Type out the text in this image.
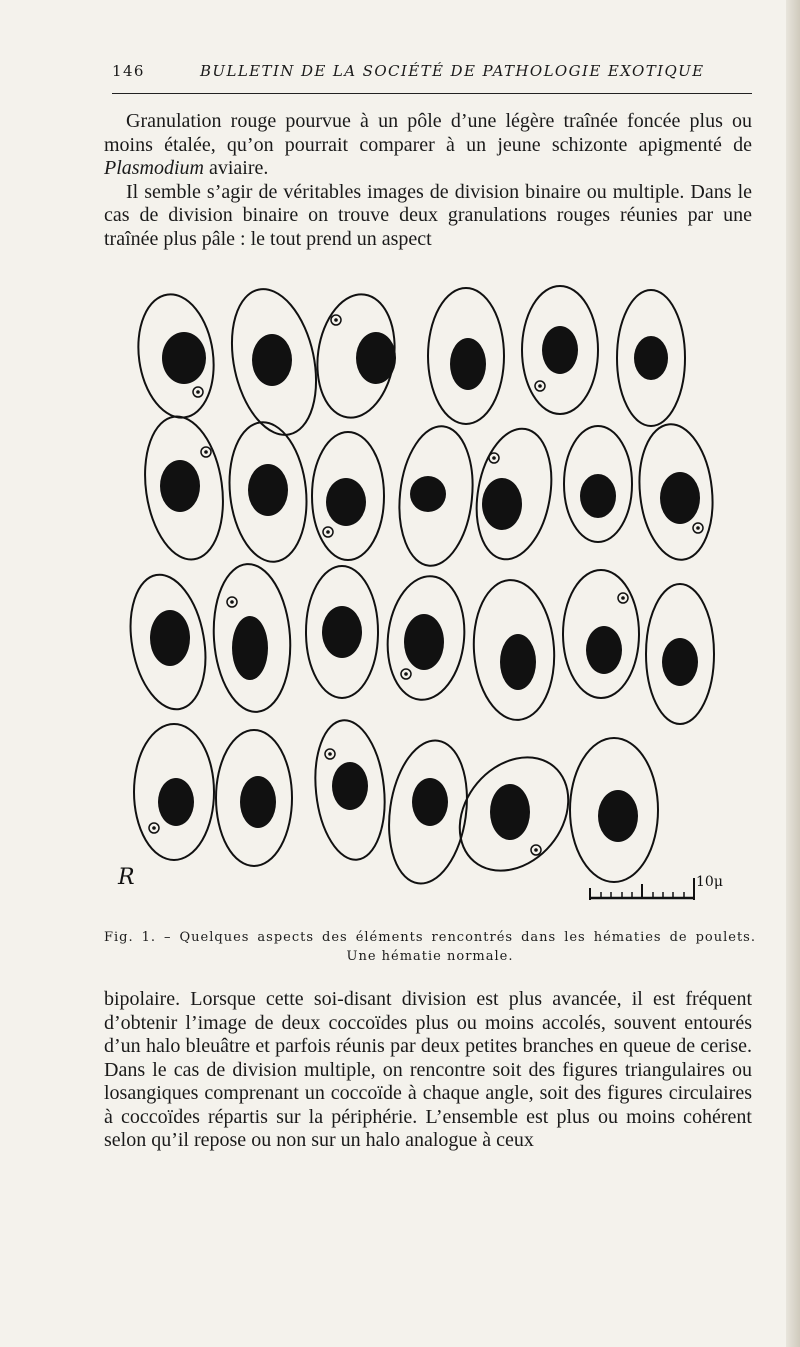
146	BULLETIN DE LA SOCIÉTÉ DE PATHOLOGIE EXOTIQUE

Granulation rouge pourvue à un pôle d’une légère traînée foncée plus ou moins étalée, qu’on pourrait comparer à un jeune schizonte apigmenté de Plasmodium aviaire.

Il semble s’agir de véritables images de division binaire ou multiple. Dans le cas de division binaire on trouve deux granulations rouges réunies par une traînée plus pâle : le tout prend un aspect

R	10μ
Fig. 1. – Quelques aspects des éléments rencontrés dans les hématies de poulets.
Une hématie normale.

bipolaire. Lorsque cette soi-disant division est plus avancée, il est fréquent d’obtenir l’image de deux coccoïdes plus ou moins accolés, souvent entourés d’un halo bleuâtre et parfois réunis par deux petites branches en queue de cerise. Dans le cas de division multiple, on rencontre soit des figures triangulaires ou losangiques comprenant un coccoïde à chaque angle, soit des figures circulaires à coccoïdes répartis sur la périphérie. L’ensemble est plus ou moins cohérent selon qu’il repose ou non sur un halo analogue à ceux
